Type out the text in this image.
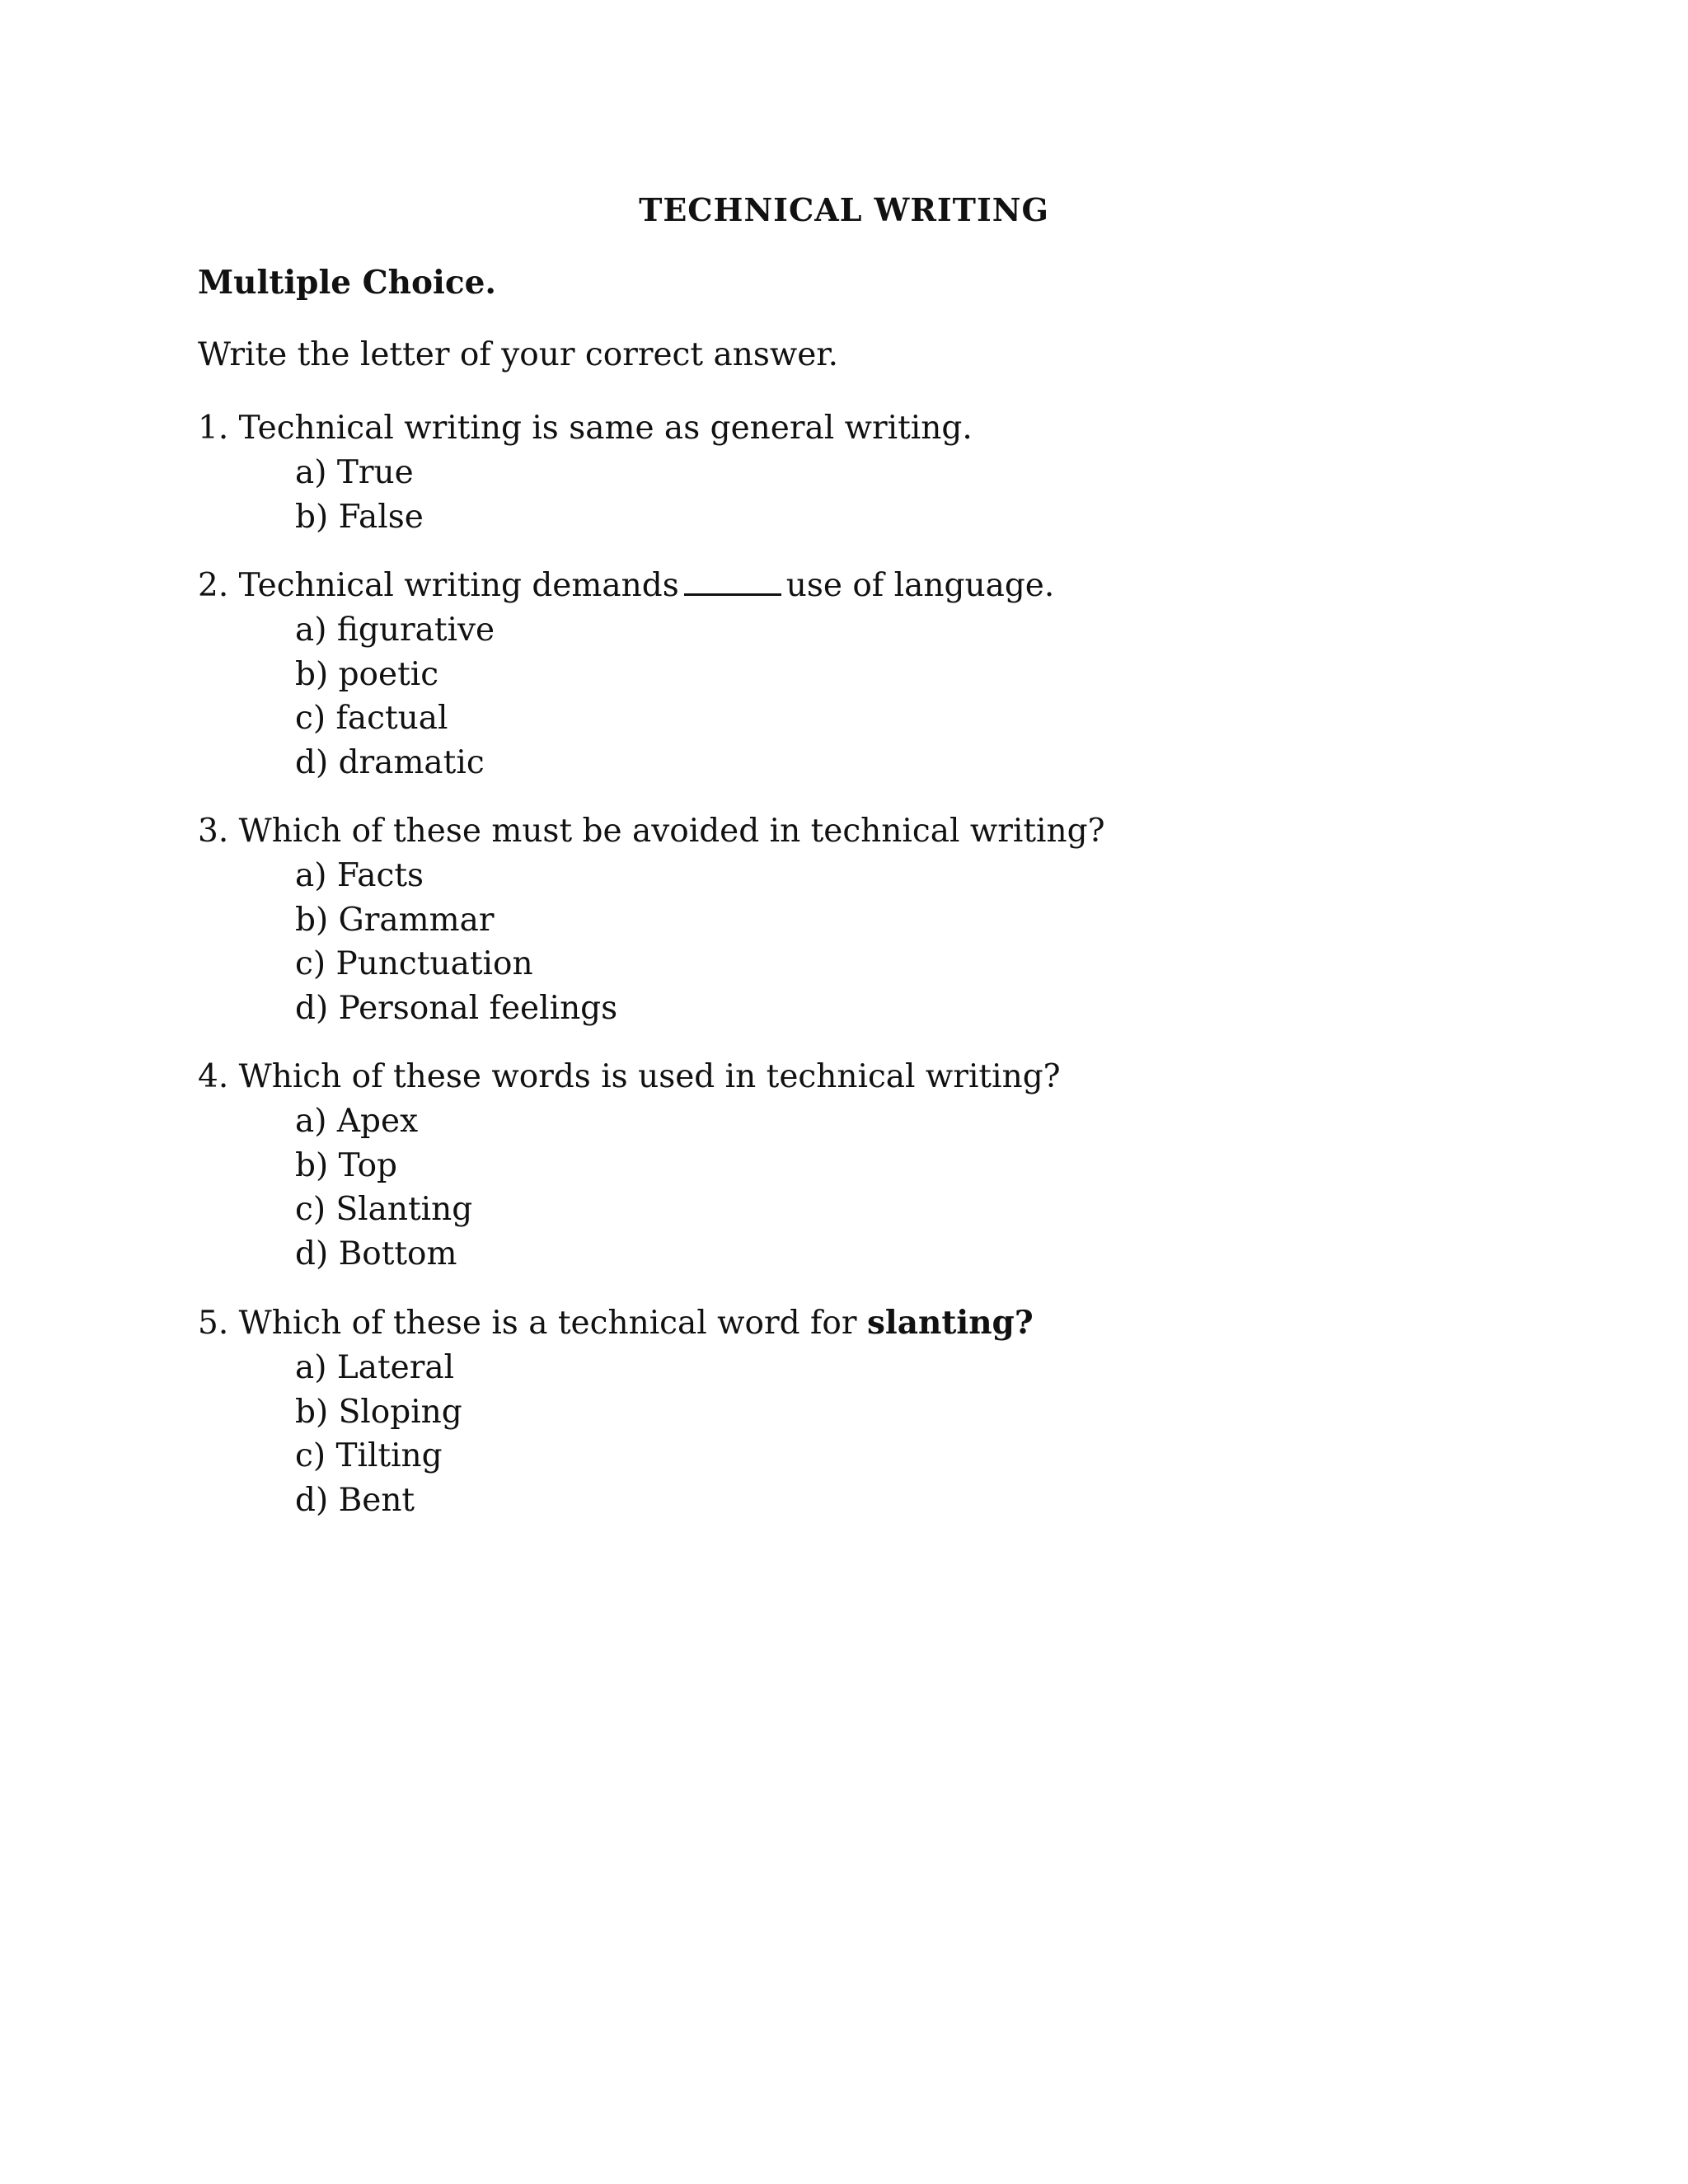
TECHNICAL WRITING
Multiple Choice.
Write the letter of your correct answer.
1. Technical writing is same as general writing.
a) True
b) False
2. Technical writing demands	use of language.
a) figurative
b) poetic
c) factual
d) dramatic
3. Which of these must be avoided in technical writing?
a) Facts
b) Grammar
c) Punctuation
d) Personal feelings
4. Which of these words is used in technical writing?
a) Apex
b) Top
c) Slanting
d) Bottom
5. Which of these is a technical word for slanting?
a) Lateral
b) Sloping
c) Tilting
d) Bent
